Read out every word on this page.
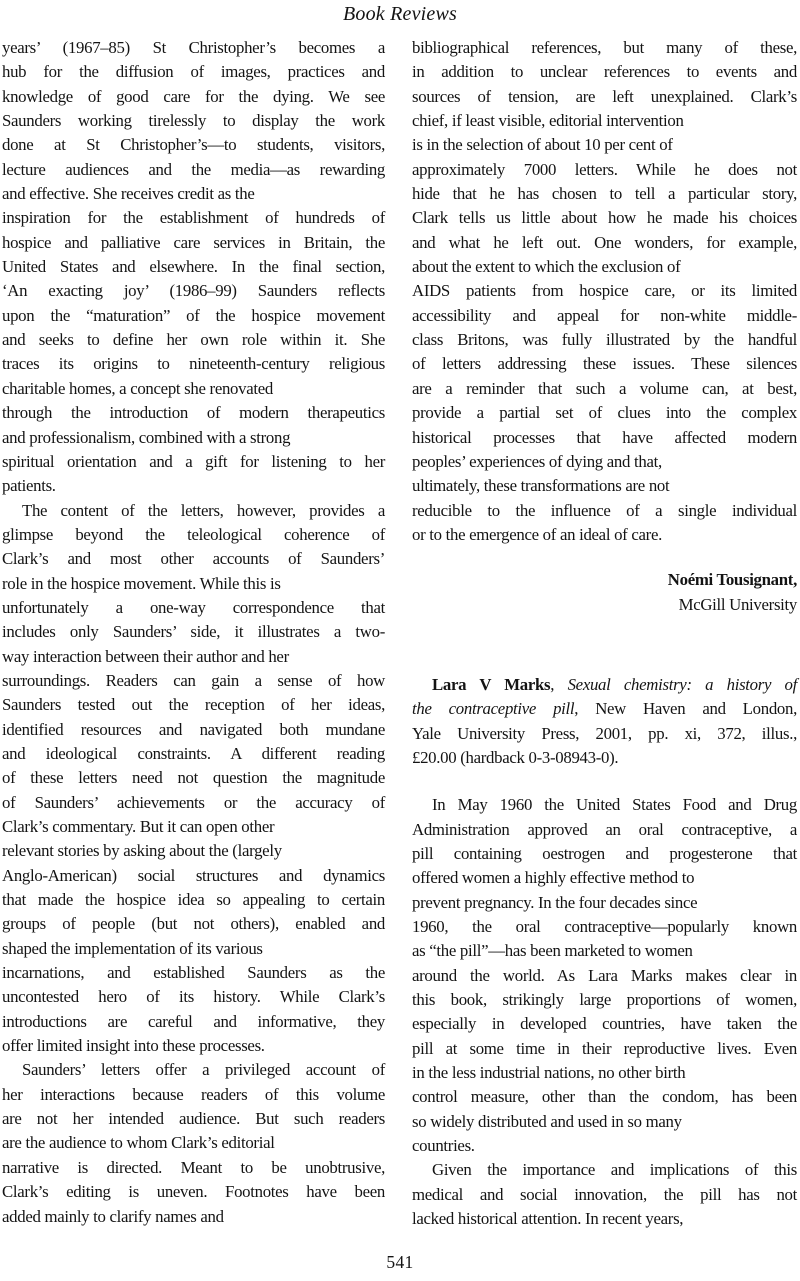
Book Reviews
years’ (1967–85) St Christopher’s becomes a
hub for the diffusion of images, practices and
knowledge of good care for the dying. We see
Saunders working tirelessly to display the work
done at St Christopher’s—to students, visitors,
lecture audiences and the media—as rewarding
and effective. She receives credit as the
inspiration for the establishment of hundreds of
hospice and palliative care services in Britain, the
United States and elsewhere. In the final section,
‘An exacting joy’ (1986–99) Saunders reflects
upon the “maturation” of the hospice movement
and seeks to define her own role within it. She
traces its origins to nineteenth-century religious
charitable homes, a concept she renovated
through the introduction of modern therapeutics
and professionalism, combined with a strong
spiritual orientation and a gift for listening to her
patients.
The content of the letters, however, provides a
glimpse beyond the teleological coherence of
Clark’s and most other accounts of Saunders’
role in the hospice movement. While this is
unfortunately a one-way correspondence that
includes only Saunders’ side, it illustrates a two-
way interaction between their author and her
surroundings. Readers can gain a sense of how
Saunders tested out the reception of her ideas,
identified resources and navigated both mundane
and ideological constraints. A different reading
of these letters need not question the magnitude
of Saunders’ achievements or the accuracy of
Clark’s commentary. But it can open other
relevant stories by asking about the (largely
Anglo-American) social structures and dynamics
that made the hospice idea so appealing to certain
groups of people (but not others), enabled and
shaped the implementation of its various
incarnations, and established Saunders as the
uncontested hero of its history. While Clark’s
introductions are careful and informative, they
offer limited insight into these processes.
Saunders’ letters offer a privileged account of
her interactions because readers of this volume
are not her intended audience. But such readers
are the audience to whom Clark’s editorial
narrative is directed. Meant to be unobtrusive,
Clark’s editing is uneven. Footnotes have been
added mainly to clarify names and
bibliographical references, but many of these,
in addition to unclear references to events and
sources of tension, are left unexplained. Clark’s
chief, if least visible, editorial intervention
is in the selection of about 10 per cent of
approximately 7000 letters. While he does not
hide that he has chosen to tell a particular story,
Clark tells us little about how he made his choices
and what he left out. One wonders, for example,
about the extent to which the exclusion of
AIDS patients from hospice care, or its limited
accessibility and appeal for non-white middle-
class Britons, was fully illustrated by the handful
of letters addressing these issues. These silences
are a reminder that such a volume can, at best,
provide a partial set of clues into the complex
historical processes that have affected modern
peoples’ experiences of dying and that,
ultimately, these transformations are not
reducible to the influence of a single individual
or to the emergence of an ideal of care.
Noémi Tousignant,
McGill University
Lara V Marks, Sexual chemistry: a history of
the contraceptive pill, New Haven and London,
Yale University Press, 2001, pp. xi, 372, illus.,
£20.00 (hardback 0-3-08943-0).
In May 1960 the United States Food and Drug
Administration approved an oral contraceptive, a
pill containing oestrogen and progesterone that
offered women a highly effective method to
prevent pregnancy. In the four decades since
1960, the oral contraceptive—popularly known
as “the pill”—has been marketed to women
around the world. As Lara Marks makes clear in
this book, strikingly large proportions of women,
especially in developed countries, have taken the
pill at some time in their reproductive lives. Even
in the less industrial nations, no other birth
control measure, other than the condom, has been
so widely distributed and used in so many
countries.
Given the importance and implications of this
medical and social innovation, the pill has not
lacked historical attention. In recent years,
541
